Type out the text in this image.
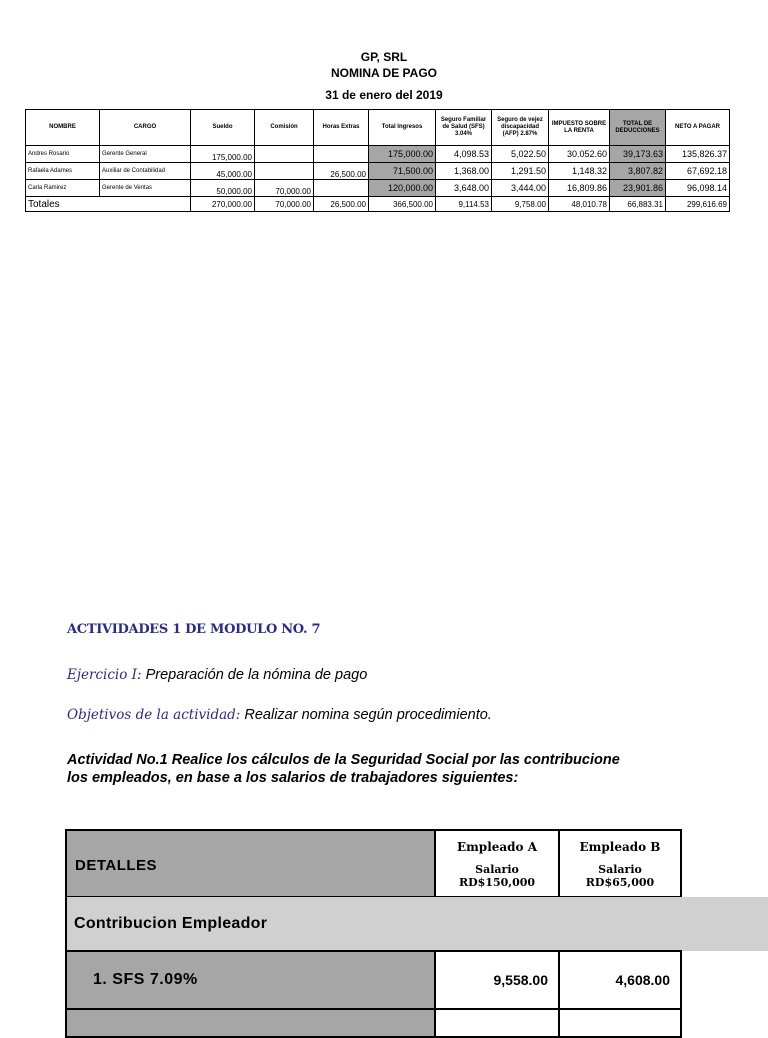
GP, SRL
NOMINA DE PAGO
31 de enero del 2019
NOMBRE	CARGO	Sueldo	Comisión	Horas Extras	Total Ingresos	Seguro Familiar de Salud (SFS) 3.04%	Seguro de vejez discapacidad (AFP) 2.87%	IMPUESTO SOBRE LA RENTA	TOTAL DE DEDUCCIONES	NETO A PAGAR
Andres Rosario	Gerente General	175,000.00			175,000.00	4,098.53	5,022.50	30.052.60	39,173.63	135,826.37
Rafaela Adames	Auxiliar de Contabilidad	45,000.00		26,500.00	71,500.00	1,368.00	1,291.50	1,148.32	3,807.82	67,692.18
Carla Ramirez	Gerente de Ventas	50,000.00	70,000.00		120,000.00	3,648.00	3,444.00	16,809.86	23,901.86	96,098.14
Totales		270,000.00	70,000.00	26,500.00	366,500.00	9,114.53	9,758.00	48,010.78	66,883.31	299,616.69
ACTIVIDADES 1 DE MODULO NO. 7
Ejercicio I: Preparación de la nómina de pago
Objetivos de la actividad: Realizar nomina según procedimiento.
Actividad No.1 Realice los cálculos de la Seguridad Social por las contribucione
los empleados, en base a los salarios de trabajadores siguientes:
DETALLES
Empleado A
Salario
RD$150,000
Empleado B
Salario
RD$65,000
Contribucion Empleador
1. SFS 7.09%	9,558.00	4,608.00
